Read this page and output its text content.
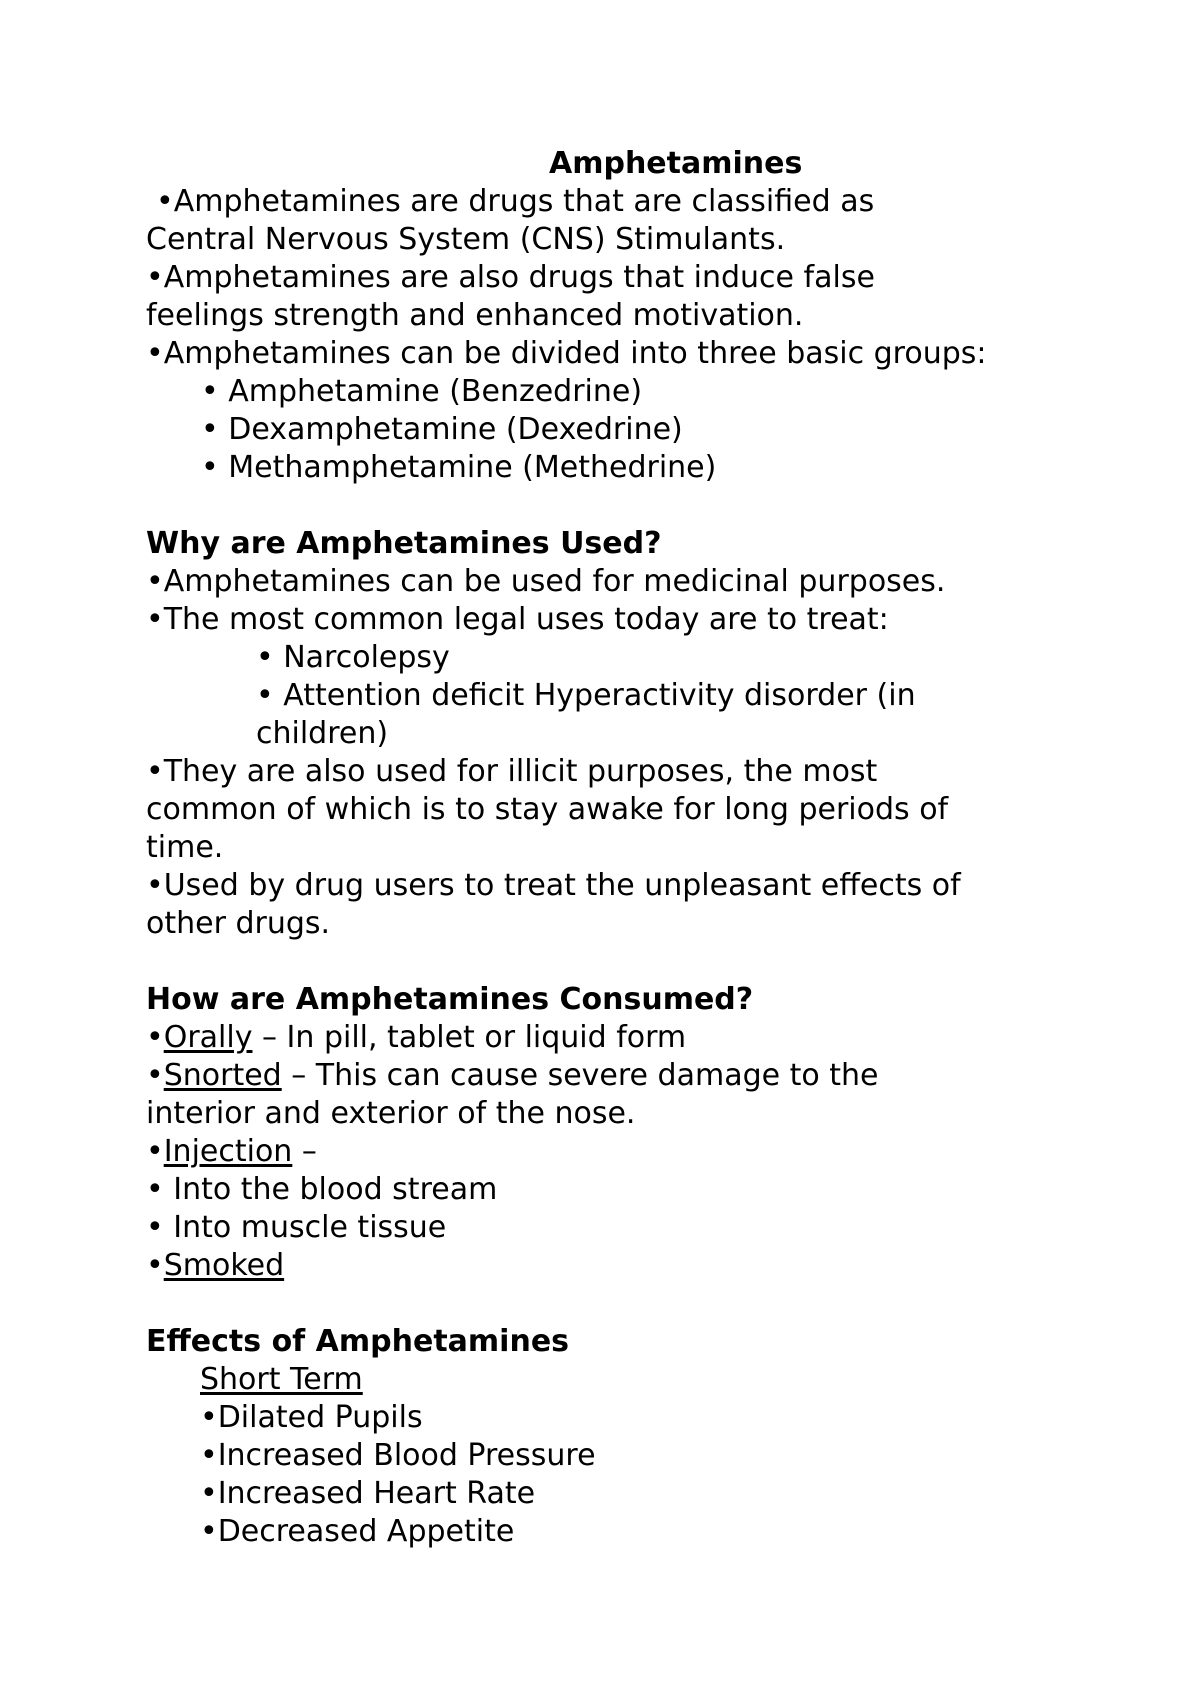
Amphetamines

•Amphetamines are drugs that are classified as

Central Nervous System (CNS) Stimulants.

•Amphetamines are also drugs that induce false

feelings strength and enhanced motivation.

•Amphetamines can be divided into three basic groups:

• Amphetamine (Benzedrine)

• Dexamphetamine (Dexedrine)

• Methamphetamine (Methedrine)

Why are Amphetamines Used?

•Amphetamines can be used for medicinal purposes.

•The most common legal uses today are to treat:

• Narcolepsy

• Attention deficit Hyperactivity disorder (in

children)

•They are also used for illicit purposes, the most

common of which is to stay awake for long periods of

time.

•Used by drug users to treat the unpleasant effects of

other drugs.

How are Amphetamines Consumed?

•Orally – In pill, tablet or liquid form

•Snorted – This can cause severe damage to the

interior and exterior of the nose.

•Injection –

• Into the blood stream

• Into muscle tissue

•Smoked

Effects of Amphetamines

Short Term

•Dilated Pupils

•Increased Blood Pressure

•Increased Heart Rate

•Decreased Appetite
